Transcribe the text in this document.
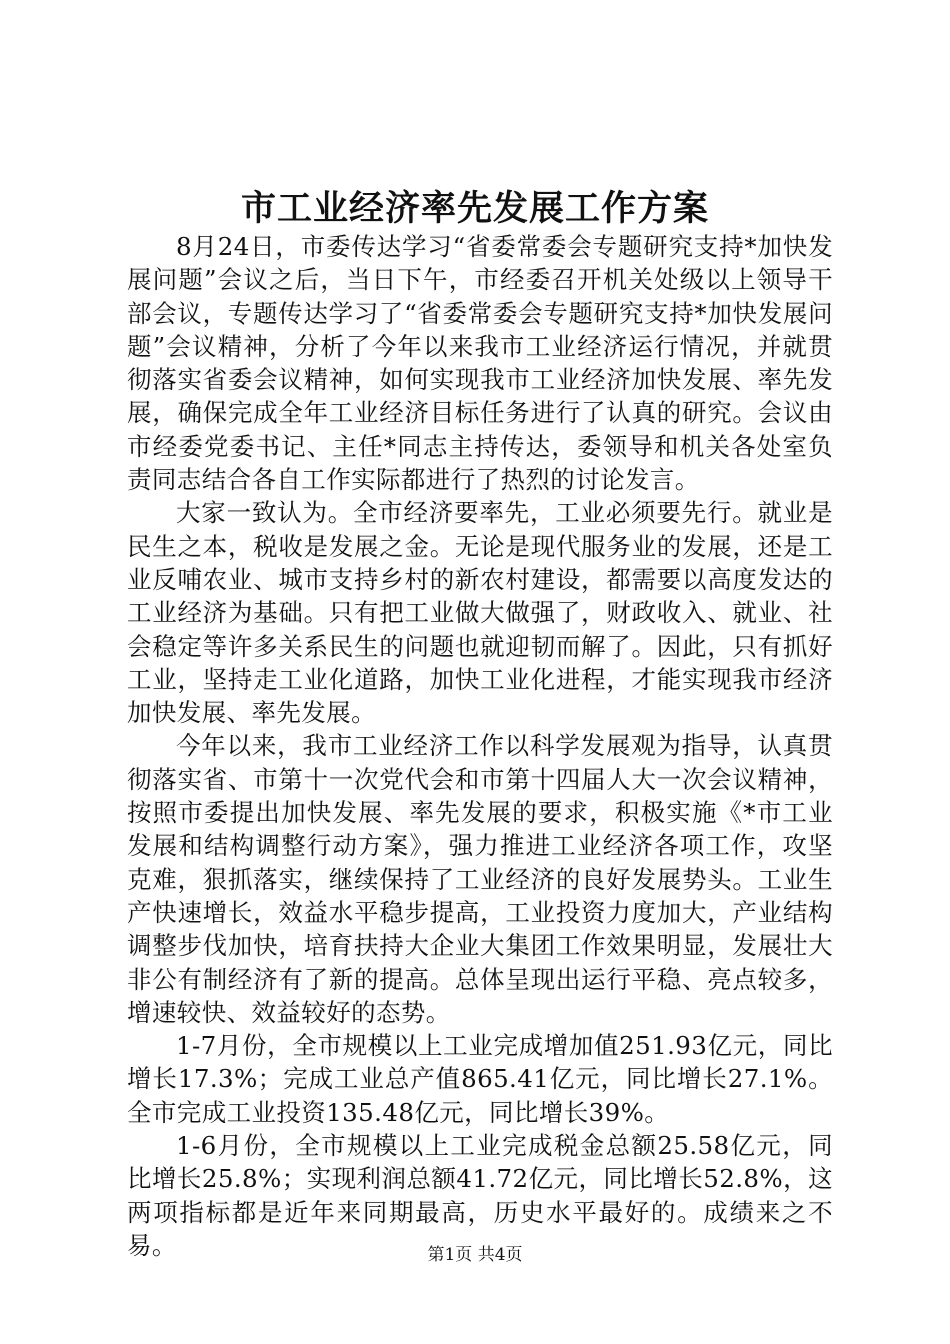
市工业经济率先发展工作方案

8月24日，市委传达学习“省委常委会专题研究支持*加快发展问题”会议之后，当日下午，市经委召开机关处级以上领导干部会议，专题传达学习了“省委常委会专题研究支持*加快发展问题”会议精神，分析了今年以来我市工业经济运行情况，并就贯彻落实省委会议精神，如何实现我市工业经济加快发展、率先发展，确保完成全年工业经济目标任务进行了认真的研究。会议由市经委党委书记、主任*同志主持传达，委领导和机关各处室负责同志结合各自工作实际都进行了热烈的讨论发言。

大家一致认为。全市经济要率先，工业必须要先行。就业是民生之本，税收是发展之金。无论是现代服务业的发展，还是工业反哺农业、城市支持乡村的新农村建设，都需要以高度发达的工业经济为基础。只有把工业做大做强了，财政收入、就业、社会稳定等许多关系民生的问题也就迎韧而解了。因此，只有抓好工业，坚持走工业化道路，加快工业化进程，才能实现我市经济加快发展、率先发展。

今年以来，我市工业经济工作以科学发展观为指导，认真贯彻落实省、市第十一次党代会和市第十四届人大一次会议精神，按照市委提出加快发展、率先发展的要求，积极实施《*市工业发展和结构调整行动方案》，强力推进工业经济各项工作，攻坚克难，狠抓落实，继续保持了工业经济的良好发展势头。工业生产快速增长，效益水平稳步提高，工业投资力度加大，产业结构调整步伐加快，培育扶持大企业大集团工作效果明显，发展壮大非公有制经济有了新的提高。总体呈现出运行平稳、亮点较多，增速较快、效益较好的态势。

1-7月份，全市规模以上工业完成增加值251.93亿元，同比增长17.3%；完成工业总产值865.41亿元，同比增长27.1%。全市完成工业投资135.48亿元，同比增长39%。

1-6月份，全市规模以上工业完成税金总额25.58亿元，同比增长25.8%；实现利润总额41.72亿元，同比增长52.8%，这两项指标都是近年来同期最高，历史水平最好的。成绩来之不易。	第1页 共4页
